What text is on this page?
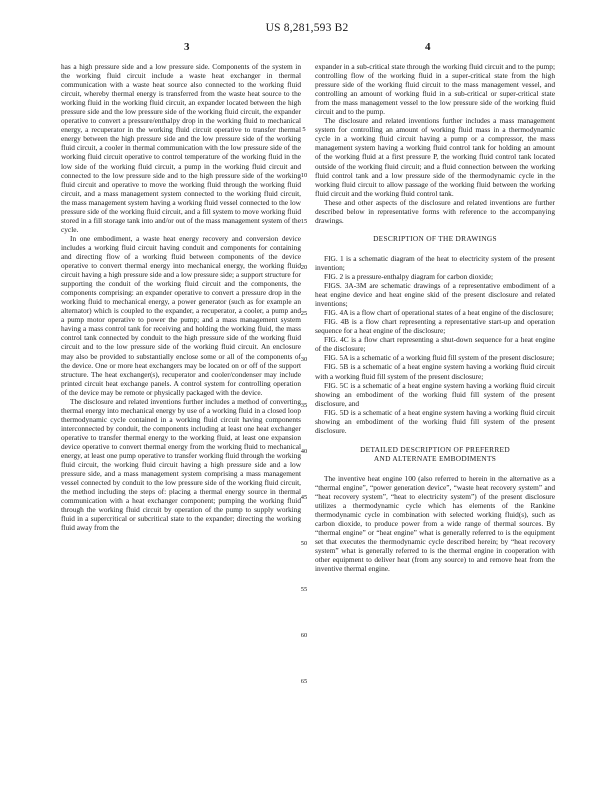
US 8,281,593 B2
3	4

has a high pressure side and a low pressure side. Components of the system in the working fluid circuit include a waste heat exchanger in thermal communication with a waste heat source also connected to the working fluid circuit, whereby thermal energy is transferred from the waste heat source to the working fluid in the working fluid circuit, an expander located between the high pressure side and the low pressure side of the working fluid circuit, the expander operative to convert a pressure/enthalpy drop in the working fluid to mechanical energy, a recuperator in the working fluid circuit operative to transfer thermal energy between the high pressure side and the low pressure side of the working fluid circuit, a cooler in thermal communication with the low pressure side of the working fluid circuit operative to control temperature of the working fluid in the low side of the working fluid circuit, a pump in the working fluid circuit and connected to the low pressure side and to the high pressure side of the working fluid circuit and operative to move the working fluid through the working fluid circuit, and a mass management system connected to the working fluid circuit, the mass management system having a working fluid vessel connected to the low pressure side of the working fluid circuit, and a fill system to move working fluid stored in a fill storage tank into and/or out of the mass management system of the cycle.

In one embodiment, a waste heat energy recovery and conversion device includes a working fluid circuit having conduit and components for containing and directing flow of a working fluid between components of the device operative to convert thermal energy into mechanical energy, the working fluid circuit having a high pressure side and a low pressure side; a support structure for supporting the conduit of the working fluid circuit and the components, the components comprising: an expander operative to convert a pressure drop in the working fluid to mechanical energy, a power generator (such as for example an alternator) which is coupled to the expander, a recuperator, a cooler, a pump and a pump motor operative to power the pump; and a mass management system having a mass control tank for receiving and holding the working fluid, the mass control tank connected by conduit to the high pressure side of the working fluid circuit and to the low pressure side of the working fluid circuit. An enclosure may also be provided to substantially enclose some or all of the components of the device. One or more heat exchangers may be located on or off of the support structure. The heat exchanger(s), recuperator and cooler/condenser may include printed circuit heat exchange panels. A control system for controlling operation of the device may be remote or physically packaged with the device.

The disclosure and related inventions further includes a method of converting thermal energy into mechanical energy by use of a working fluid in a closed loop thermodynamic cycle contained in a working fluid circuit having components interconnected by conduit, the components including at least one heat exchanger operative to transfer thermal energy to the working fluid, at least one expansion device operative to convert thermal energy from the working fluid to mechanical energy, at least one pump operative to transfer working fluid through the working fluid circuit, the working fluid circuit having a high pressure side and a low pressure side, and a mass management system comprising a mass management vessel connected by conduit to the low pressure side of the working fluid circuit, the method including the steps of: placing a thermal energy source in thermal communication with a heat exchanger component; pumping the working fluid through the working fluid circuit by operation of the pump to supply working fluid in a supercritical or subcritical state to the expander; directing the working fluid away from the

5
10
15
20
25
30
35
40
45
50
55
60
65

expander in a sub-critical state through the working fluid circuit and to the pump; controlling flow of the working fluid in a super-critical state from the high pressure side of the working fluid circuit to the mass management vessel, and controlling an amount of working fluid in a sub-critical or super-critical state from the mass management vessel to the low pressure side of the working fluid circuit and to the pump.

The disclosure and related inventions further includes a mass management system for controlling an amount of working fluid mass in a thermodynamic cycle in a working fluid circuit having a pump or a compressor, the mass management system having a working fluid control tank for holding an amount of the working fluid at a first pressure P, the working fluid control tank located outside of the working fluid circuit; and a fluid connection between the working fluid control tank and a low pressure side of the thermodynamic cycle in the working fluid circuit to allow passage of the working fluid between the working fluid circuit and the working fluid control tank.

These and other aspects of the disclosure and related inventions are further described below in representative forms with reference to the accompanying drawings.

DESCRIPTION OF THE DRAWINGS

FIG. 1 is a schematic diagram of the heat to electricity system of the present invention;

FIG. 2 is a pressure-enthalpy diagram for carbon dioxide;

FIGS. 3A-3M are schematic drawings of a representative embodiment of a heat engine device and heat engine skid of the present disclosure and related inventions;

FIG. 4A is a flow chart of operational states of a heat engine of the disclosure;

FIG. 4B is a flow chart representing a representative start-up and operation sequence for a heat engine of the disclosure;

FIG. 4C is a flow chart representing a shut-down sequence for a heat engine of the disclosure;

FIG. 5A is a schematic of a working fluid fill system of the present disclosure;

FIG. 5B is a schematic of a heat engine system having a working fluid circuit with a working fluid fill system of the present disclosure;

FIG. 5C is a schematic of a heat engine system having a working fluid circuit showing an embodiment of the working fluid fill system of the present disclosure, and

FIG. 5D is a schematic of a heat engine system having a working fluid circuit showing an embodiment of the working fluid fill system of the present disclosure.

DETAILED DESCRIPTION OF PREFERRED
AND ALTERNATE EMBODIMENTS

The inventive heat engine 100 (also referred to herein in the alternative as a “thermal engine”, “power generation device”, “waste heat recovery system” and “heat recovery system”, “heat to electricity system”) of the present disclosure utilizes a thermodynamic cycle which has elements of the Rankine thermodynamic cycle in combination with selected working fluid(s), such as carbon dioxide, to produce power from a wide range of thermal sources. By “thermal engine” or “heat engine” what is generally referred to is the equipment set that executes the thermodynamic cycle described herein; by “heat recovery system” what is generally referred to is the thermal engine in cooperation with other equipment to deliver heat (from any source) to and remove heat from the inventive thermal engine.
